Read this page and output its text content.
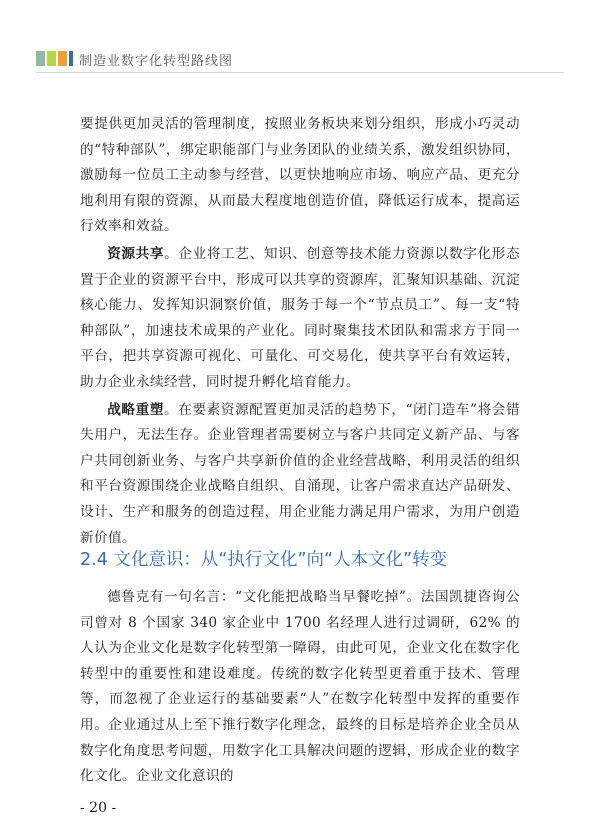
制造业数字化转型路线图

要提供更加灵活的管理制度，按照业务板块来划分组织，形成小巧灵动的“特种部队”，绑定职能部门与业务团队的业绩关系，激发组织协同，激励每一位员工主动参与经营，以更快地响应市场、响应产品、更充分地利用有限的资源，从而最大程度地创造价值，降低运行成本，提高运行效率和效益。

资源共享。企业将工艺、知识、创意等技术能力资源以数字化形态置于企业的资源平台中，形成可以共享的资源库，汇聚知识基础、沉淀核心能力、发挥知识洞察价值，服务于每一个“节点员工”、每一支“特种部队”，加速技术成果的产业化。同时聚集技术团队和需求方于同一平台，把共享资源可视化、可量化、可交易化，使共享平台有效运转，助力企业永续经营，同时提升孵化培育能力。

战略重塑。在要素资源配置更加灵活的趋势下，“闭门造车”将会错失用户，无法生存。企业管理者需要树立与客户共同定义新产品、与客户共同创新业务、与客户共享新价值的企业经营战略，利用灵活的组织和平台资源围绕企业战略自组织、自涌现，让客户需求直达产品研发、设计、生产和服务的创造过程，用企业能力满足用户需求，为用户创造新价值。

2.4 文化意识：从“执行文化”向“人本文化”转变

德鲁克有一句名言：“文化能把战略当早餐吃掉”。法国凯捷咨询公司曾对 8 个国家 340 家企业中 1700 名经理人进行过调研，62% 的人认为企业文化是数字化转型第一障碍，由此可见，企业文化在数字化转型中的重要性和建设难度。传统的数字化转型更着重于技术、管理等，而忽视了企业运行的基础要素“人”在数字化转型中发挥的重要作用。企业通过从上至下推行数字化理念，最终的目标是培养企业全员从数字化角度思考问题，用数字化工具解决问题的逻辑，形成企业的数字化文化。企业文化意识的

- 20 -
